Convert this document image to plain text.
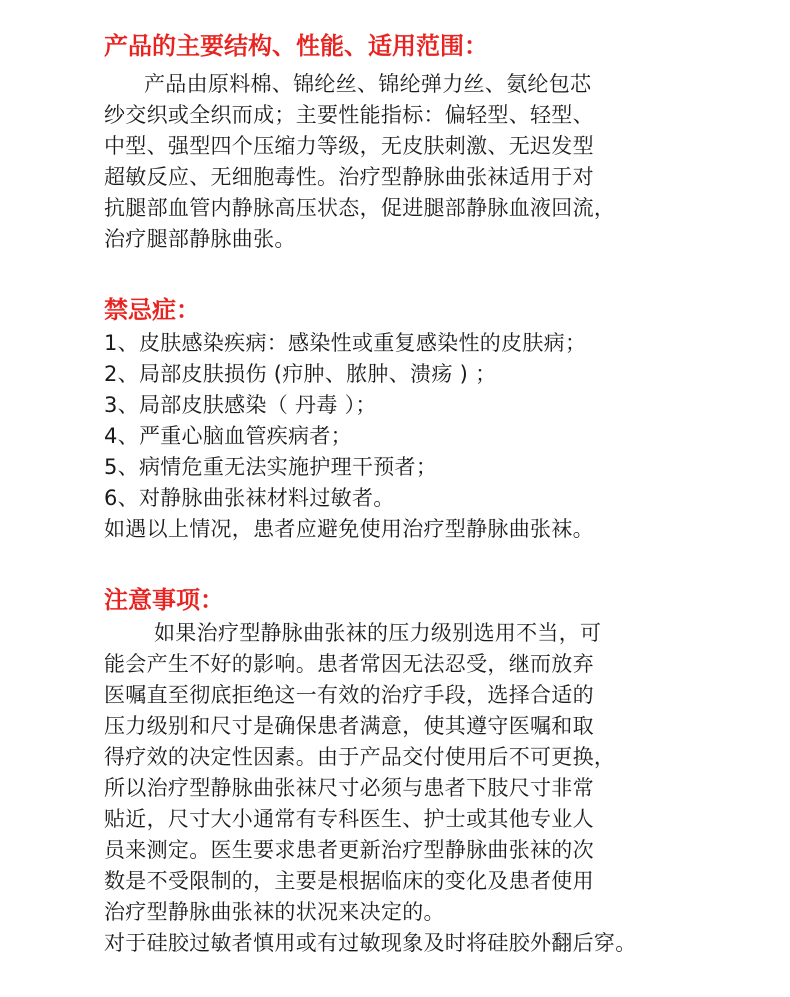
产品的主要结构、性能、适用范围：
产品由原料棉、锦纶丝、锦纶弹力丝、氨纶包芯
纱交织或全织而成；主要性能指标：偏轻型、轻型、
中型、强型四个压缩力等级，无皮肤刺激、无迟发型
超敏反应、无细胞毒性。治疗型静脉曲张袜适用于对
抗腿部血管内静脉高压状态，促进腿部静脉血液回流，
治疗腿部静脉曲张。
禁忌症：
1、皮肤感染疾病：感染性或重复感染性的皮肤病；
2、局部皮肤损伤 (疖肿、脓肿、溃疡 ) ；
3、局部皮肤感染（ 丹毒 ）；
4、严重心脑血管疾病者；
5、病情危重无法实施护理干预者；
6、对静脉曲张袜材料过敏者。
如遇以上情况，患者应避免使用治疗型静脉曲张袜。
注意事项：
如果治疗型静脉曲张袜的压力级别选用不当，可
能会产生不好的影响。患者常因无法忍受，继而放弃
医嘱直至彻底拒绝这一有效的治疗手段，选择合适的
压力级别和尺寸是确保患者满意，使其遵守医嘱和取
得疗效的决定性因素。由于产品交付使用后不可更换，
所以治疗型静脉曲张袜尺寸必须与患者下肢尺寸非常
贴近，尺寸大小通常有专科医生、护士或其他专业人
员来测定。医生要求患者更新治疗型静脉曲张袜的次
数是不受限制的，主要是根据临床的变化及患者使用
治疗型静脉曲张袜的状况来决定的。
对于硅胶过敏者慎用或有过敏现象及时将硅胶外翻后穿。
